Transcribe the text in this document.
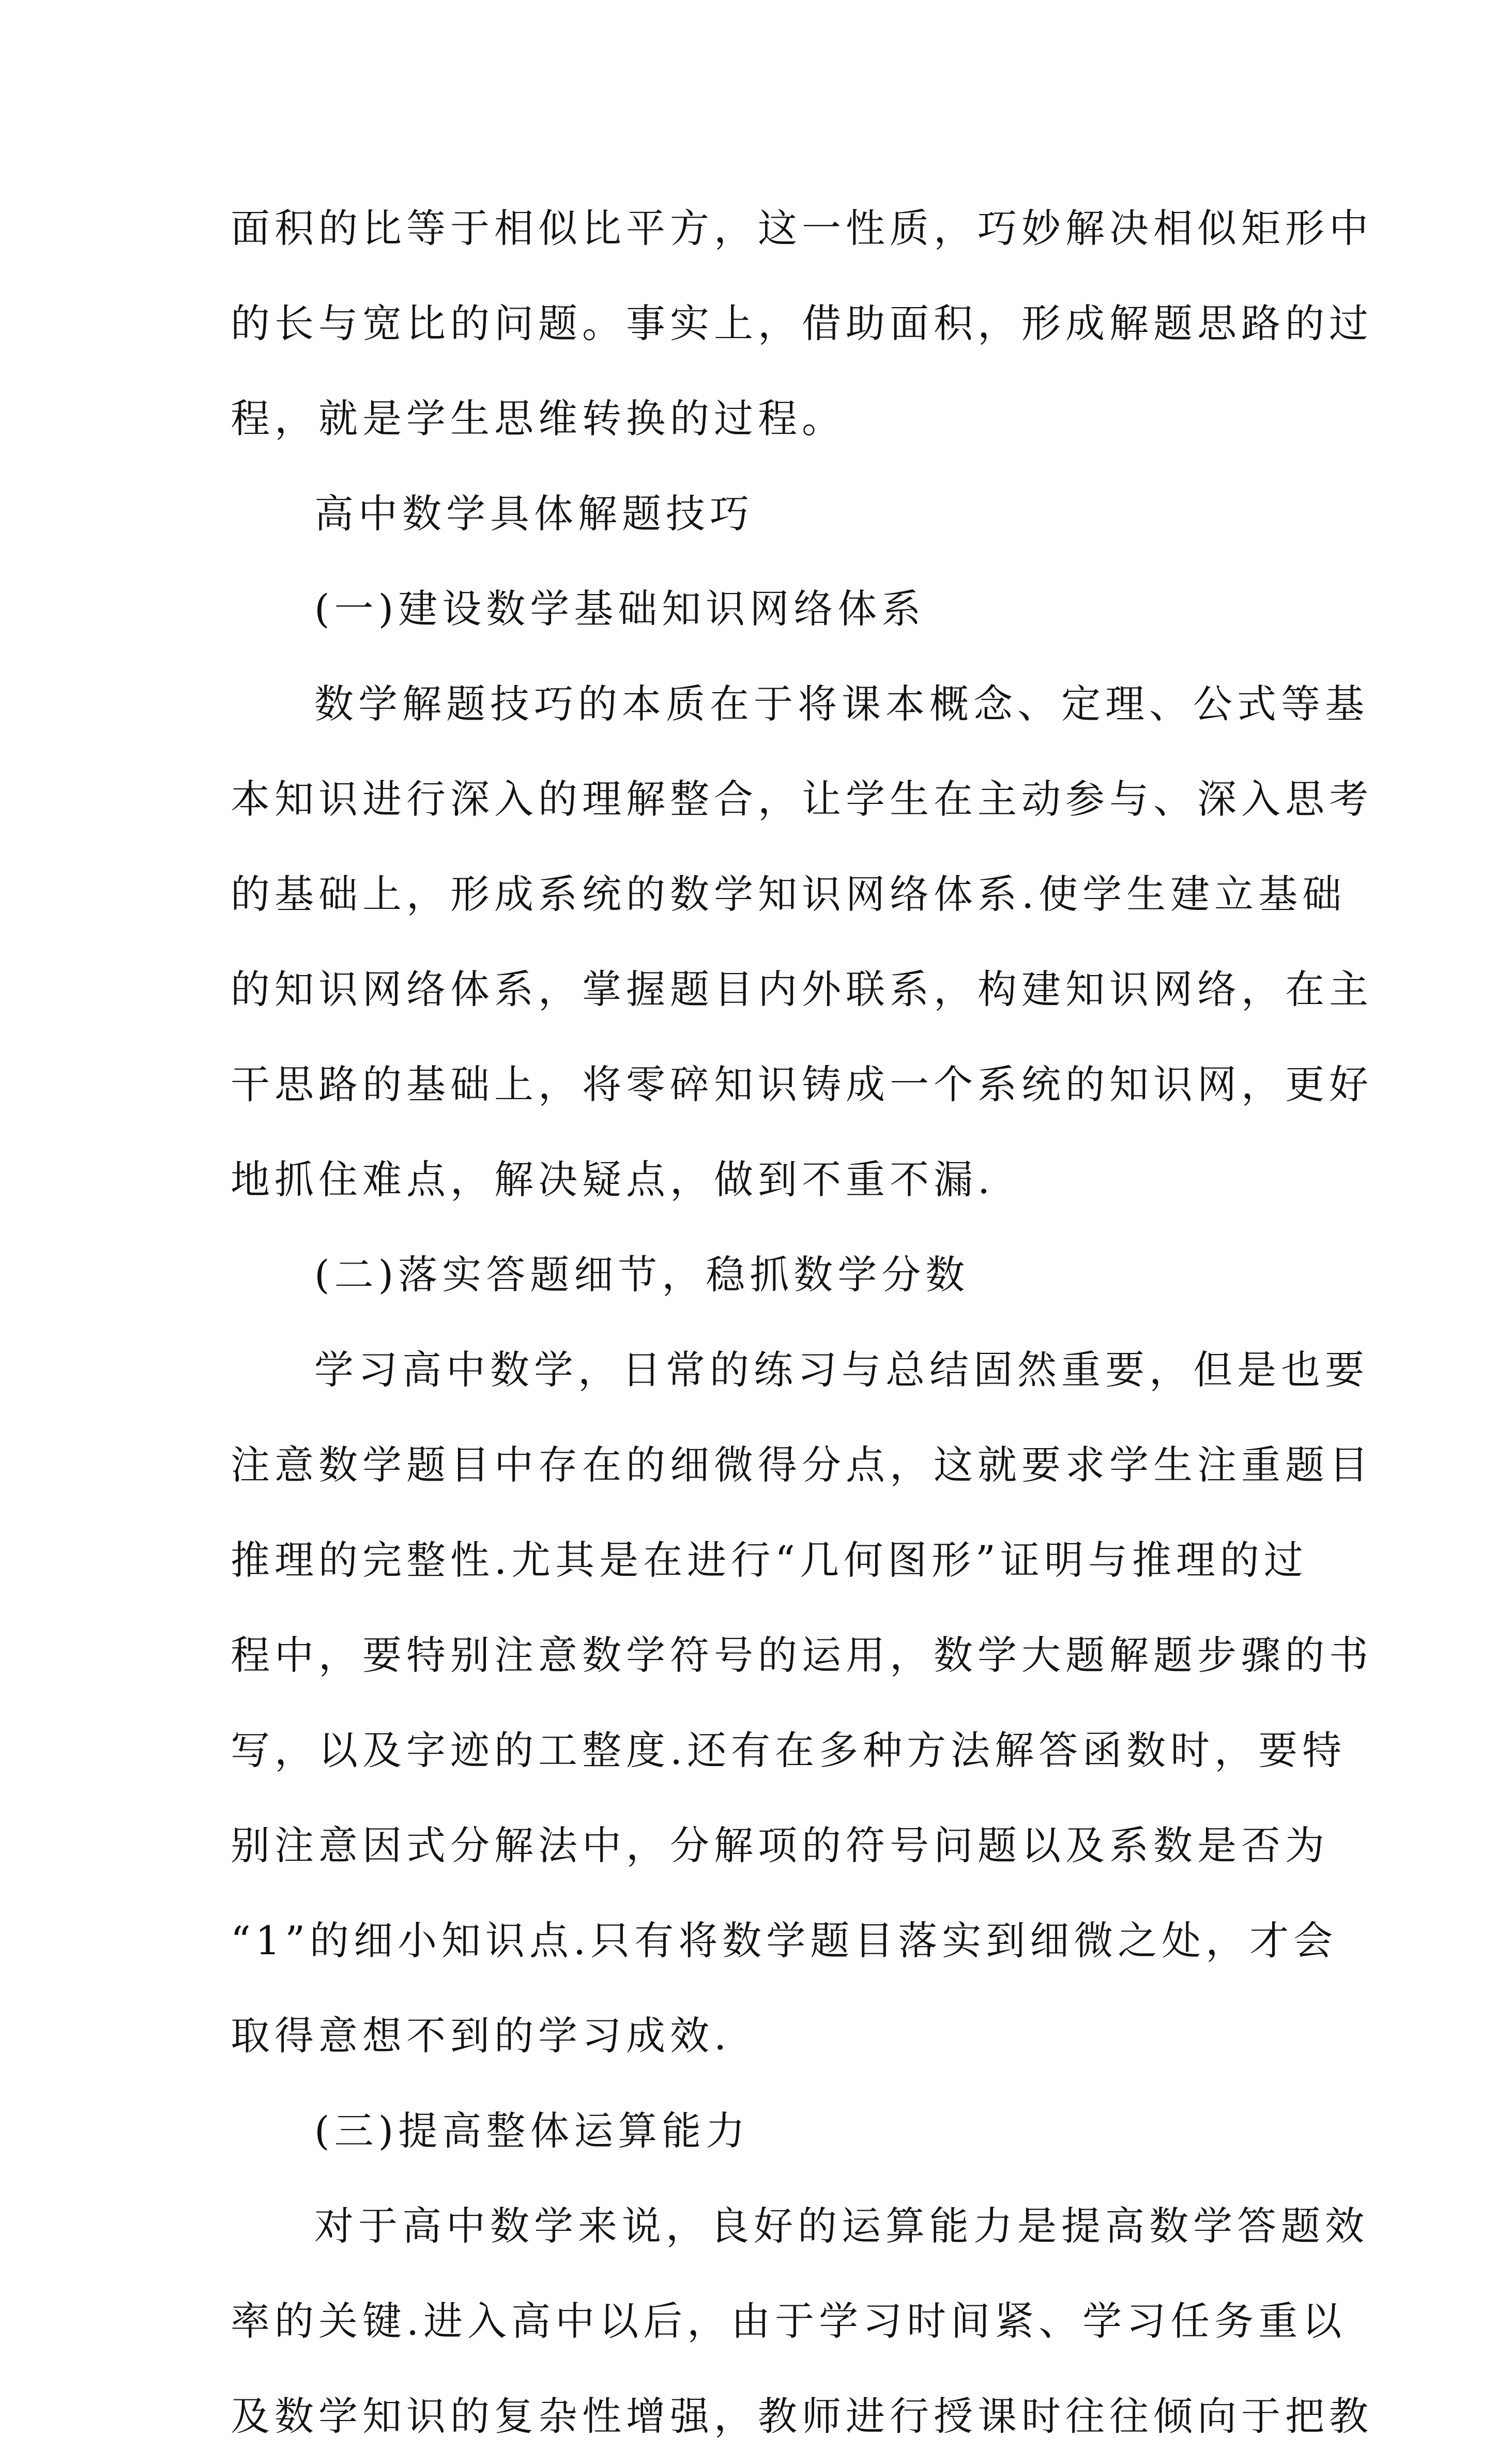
面积的比等于相似比平方，这一性质，巧妙解决相似矩形中
的长与宽比的问题。事实上，借助面积，形成解题思路的过
程，就是学生思维转换的过程。
高中数学具体解题技巧
(一)建设数学基础知识网络体系
数学解题技巧的本质在于将课本概念、定理、公式等基
本知识进行深入的理解整合，让学生在主动参与、深入思考
的基础上，形成系统的数学知识网络体系.使学生建立基础
的知识网络体系，掌握题目内外联系，构建知识网络，在主
干思路的基础上，将零碎知识铸成一个系统的知识网，更好
地抓住难点，解决疑点，做到不重不漏.
(二)落实答题细节，稳抓数学分数
学习高中数学，日常的练习与总结固然重要，但是也要
注意数学题目中存在的细微得分点，这就要求学生注重题目
推理的完整性.尤其是在进行“几何图形”证明与推理的过
程中，要特别注意数学符号的运用，数学大题解题步骤的书
写，以及字迹的工整度.还有在多种方法解答函数时，要特
别注意因式分解法中，分解项的符号问题以及系数是否为
“1”的细小知识点.只有将数学题目落实到细微之处，才会
取得意想不到的学习成效.
(三)提高整体运算能力
对于高中数学来说，良好的运算能力是提高数学答题效
率的关键.进入高中以后，由于学习时间紧、学习任务重以
及数学知识的复杂性增强，教师进行授课时往往倾向于把教
